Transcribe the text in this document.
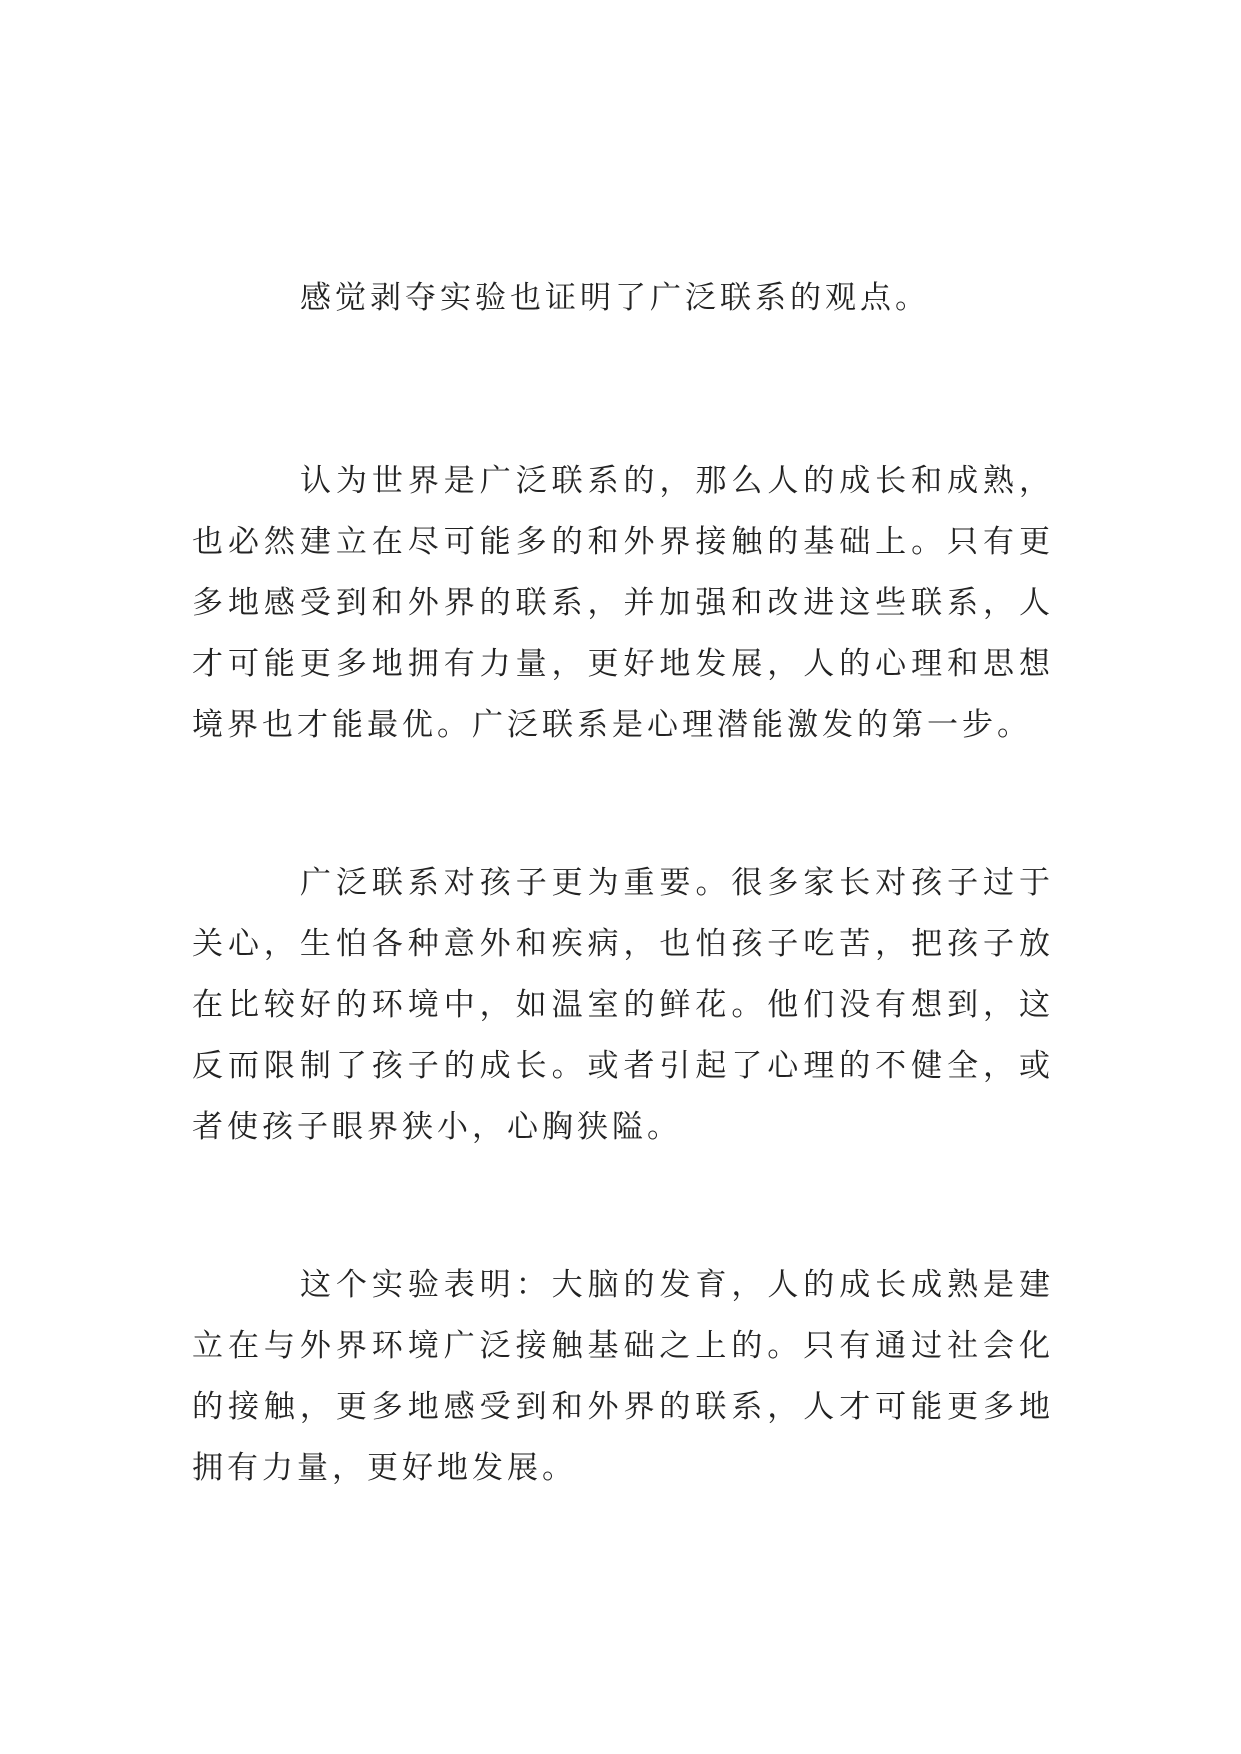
感觉剥夺实验也证明了广泛联系的观点。

认为世界是广泛联系的，那么人的成长和成熟，也必然建立在尽可能多的和外界接触的基础上。只有更多地感受到和外界的联系，并加强和改进这些联系，人才可能更多地拥有力量，更好地发展，人的心理和思想境界也才能最优。广泛联系是心理潜能激发的第一步。

广泛联系对孩子更为重要。很多家长对孩子过于关心，生怕各种意外和疾病，也怕孩子吃苦，把孩子放在比较好的环境中，如温室的鲜花。他们没有想到，这反而限制了孩子的成长。或者引起了心理的不健全，或者使孩子眼界狭小，心胸狭隘。

这个实验表明：大脑的发育，人的成长成熟是建立在与外界环境广泛接触基础之上的。只有通过社会化的接触，更多地感受到和外界的联系，人才可能更多地拥有力量，更好地发展。
